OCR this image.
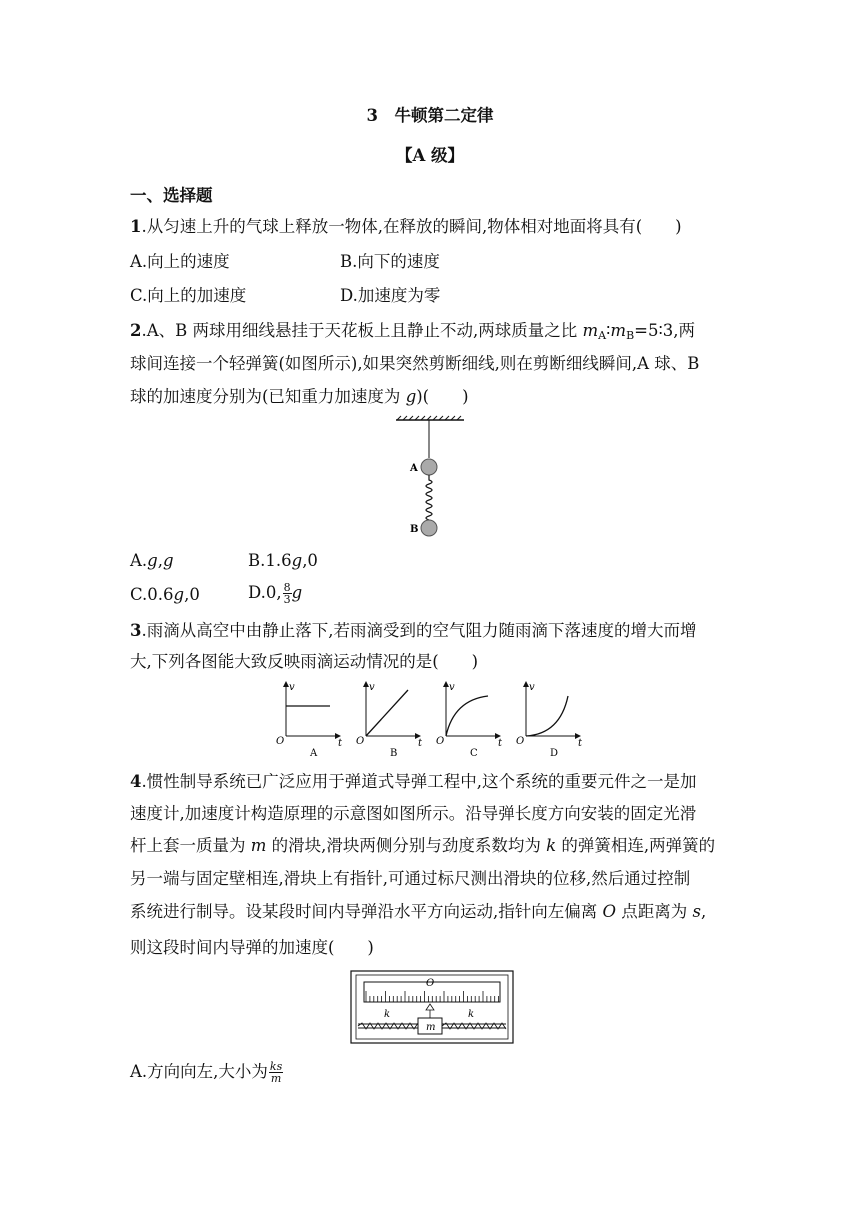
3　牛顿第二定律
【A 级】
一、选择题
1.从匀速上升的气球上释放一物体,在释放的瞬间,物体相对地面将具有(　　)
A.向上的速度	B.向下的速度
C.向上的加速度	D.加速度为零
2.A、B 两球用细线悬挂于天花板上且静止不动,两球质量之比 $m_A∶m_B=5∶3$,两
球间连接一个轻弹簧(如图所示),如果突然剪断细线,则在剪断细线瞬间,A 球、B
球的加速度分别为(已知重力加速度为 g)(　　)
A
B
A.g,g	B.1.6g,0
C.0.6g,0	D.0, $\frac{8}{3}$ g
3.雨滴从高空中由静止落下,若雨滴受到的空气阻力随雨滴下落速度的增大而增
大,下列各图能大致反映雨滴运动情况的是(　　)
v
t
O
A
v
t
O
B
v
t
O
C
v
t
O
D
4.惯性制导系统已广泛应用于弹道式导弹工程中,这个系统的重要元件之一是加
速度计,加速度计构造原理的示意图如图所示。沿导弹长度方向安装的固定光滑
杆上套一质量为 m 的滑块,滑块两侧分别与劲度系数均为 k 的弹簧相连,两弹簧的
另一端与固定壁相连,滑块上有指针,可通过标尺测出滑块的位移,然后通过控制
系统进行制导。设某段时间内导弹沿水平方向运动,指针向左偏离 O 点距离为 s,
则这段时间内导弹的加速度(　　)
O
m
k	k
A.方向向左,大小为 $\frac{ks}{m}$
